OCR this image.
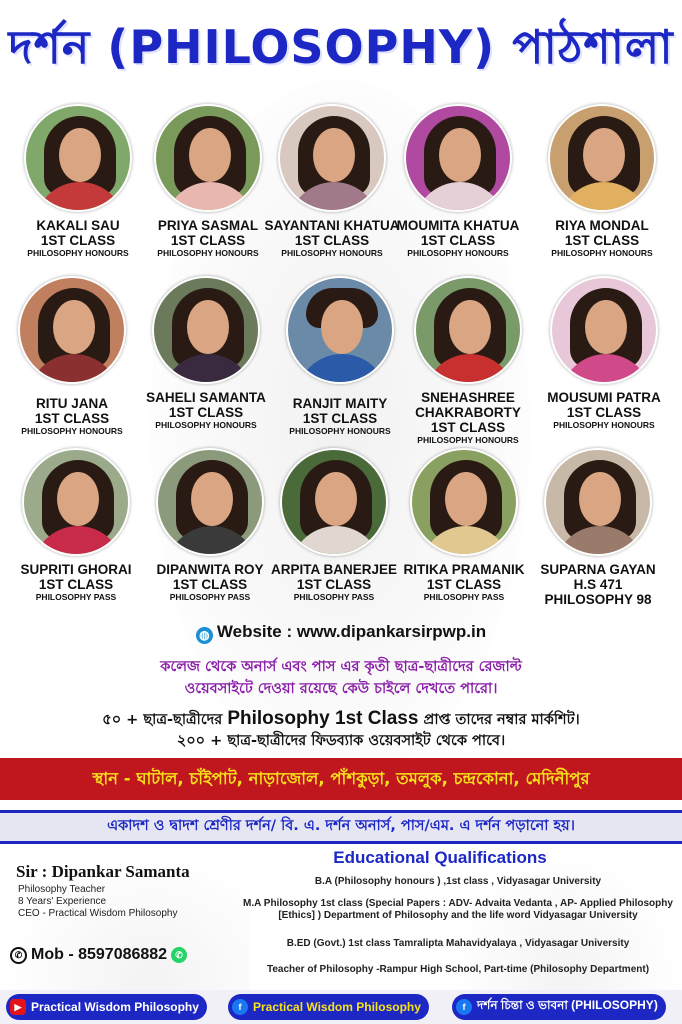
দর্শন (PHILOSOPHY) পাঠশালা
KAKALI SAU
1ST CLASS
PHILOSOPHY HONOURS
PRIYA SASMAL
1ST CLASS
PHILOSOPHY HONOURS
SAYANTANI KHATUA
1ST CLASS
PHILOSOPHY HONOURS
MOUMITA KHATUA
1ST CLASS
PHILOSOPHY HONOURS
RIYA MONDAL
1ST CLASS
PHILOSOPHY HONOURS
RITU JANA
1ST CLASS
PHILOSOPHY HONOURS
SAHELI SAMANTA
1ST CLASS
PHILOSOPHY HONOURS
RANJIT MAITY
1ST CLASS
PHILOSOPHY HONOURS
SNEHASHREE CHAKRABORTY
1ST CLASS
PHILOSOPHY HONOURS
MOUSUMI PATRA
1ST CLASS
PHILOSOPHY HONOURS
SUPRITI GHORAI
1ST CLASS
PHILOSOPHY PASS
DIPANWITA ROY
1ST CLASS
PHILOSOPHY PASS
ARPITA BANERJEE
1ST CLASS
PHILOSOPHY PASS
RITIKA PRAMANIK
1ST CLASS
PHILOSOPHY PASS
SUPARNA GAYAN
H.S 471
PHILOSOPHY 98
◍ Website : www.dipankarsirpwp.in
কলেজ থেকে অনার্স এবং পাস এর কৃতী ছাত্র-ছাত্রীদের রেজাল্ট
ওয়েবসাইটে দেওয়া রয়েছে কেউ চাইলে দেখতে পারো।
৫০ + ছাত্র-ছাত্রীদের Philosophy 1st Class প্রাপ্ত তাদের নম্বার মার্কশিট।
২০০ + ছাত্র-ছাত্রীদের ফিডব্যাক ওয়েবসাইট থেকে পাবে।
স্থান - ঘাটাল, চাঁইপাট, নাড়াজোল, পাঁশকুড়া, তমলুক, চন্দ্রকোনা, মেদিনীপুর
একাদশ ও দ্বাদশ শ্রেণীর দর্শন/ বি. এ. দর্শন অনার্স, পাস/এম. এ দর্শন পড়ানো হয়।
Sir : Dipankar Samanta
Philosophy Teacher
8 Years' Experience
CEO - Practical Wisdom Philosophy
✆ Mob - 8597086882 ✆
Educational Qualifications
B.A (Philosophy honours ) ,1st class , Vidyasagar University
M.A Philosophy 1st class (Special Papers : ADV- Advaita Vedanta , AP- Applied Philosophy [Ethics] ) Department of Philosophy and the life word Vidyasagar University
B.ED (Govt.) 1st class Tamralipta Mahavidyalaya , Vidyasagar University
Teacher of Philosophy -Rampur High School, Part-time (Philosophy Department)
▶ Practical Wisdom Philosophy	f Practical Wisdom Philosophy	f দর্শন চিন্তা ও ভাবনা (PHILOSOPHY)
